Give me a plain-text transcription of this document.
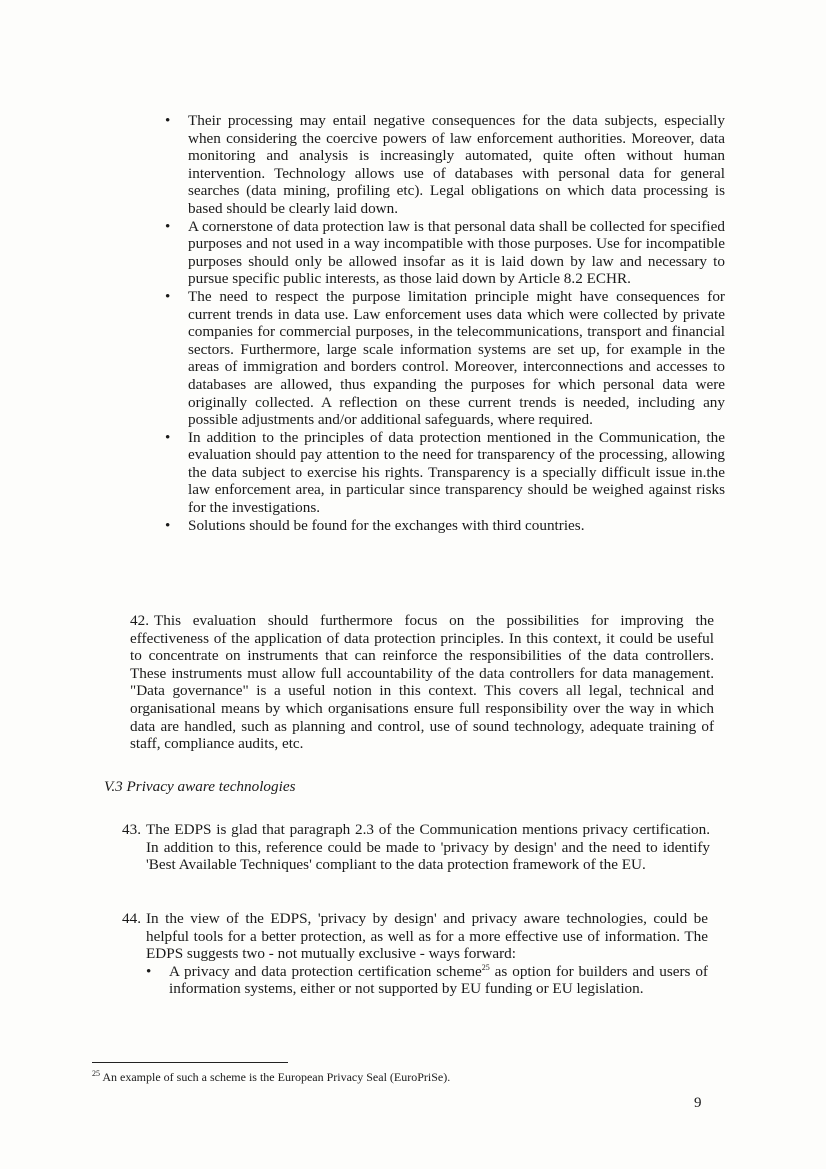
• Their processing may entail negative consequences for the data subjects, especially when considering the coercive powers of law enforcement authorities. Moreover, data monitoring and analysis is increasingly automated, quite often without human intervention. Technology allows use of databases with personal data for general searches (data mining, profiling etc). Legal obligations on which data processing is based should be clearly laid down.
• A cornerstone of data protection law is that personal data shall be collected for specified purposes and not used in a way incompatible with those purposes. Use for incompatible purposes should only be allowed insofar as it is laid down by law and necessary to pursue specific public interests, as those laid down by Article 8.2 ECHR.
• The need to respect the purpose limitation principle might have consequences for current trends in data use. Law enforcement uses data which were collected by private companies for commercial purposes, in the telecommunications, transport and financial sectors. Furthermore, large scale information systems are set up, for example in the areas of immigration and borders control. Moreover, interconnections and accesses to databases are allowed, thus expanding the purposes for which personal data were originally collected. A reflection on these current trends is needed, including any possible adjustments and/or additional safeguards, where required.
• In addition to the principles of data protection mentioned in the Communication, the evaluation should pay attention to the need for transparency of the processing, allowing the data subject to exercise his rights. Transparency is a specially difficult issue in.the law enforcement area, in particular since transparency should be weighed against risks for the investigations.
• Solutions should be found for the exchanges with third countries.
42. This evaluation should furthermore focus on the possibilities for improving the effectiveness of the application of data protection principles. In this context, it could be useful to concentrate on instruments that can reinforce the responsibilities of the data controllers. These instruments must allow full accountability of the data controllers for data management. "Data governance" is a useful notion in this context. This covers all legal, technical and organisational means by which organisations ensure full responsibility over the way in which data are handled, such as planning and control, use of sound technology, adequate training of staff, compliance audits, etc.

V.3 Privacy aware technologies

43. The EDPS is glad that paragraph 2.3 of the Communication mentions privacy certification. In addition to this, reference could be made to 'privacy by design' and the need to identify 'Best Available Techniques' compliant to the data protection framework of the EU.
44. In the view of the EDPS, 'privacy by design' and privacy aware technologies, could be helpful tools for a better protection, as well as for a more effective use of information. The EDPS suggests two - not mutually exclusive - ways forward:
• A privacy and data protection certification scheme$^{25}$ as option for builders and users of information systems, either or not supported by EU funding or EU legislation.

$^{25}$ An example of such a scheme is the European Privacy Seal (EuroPriSe).

9
